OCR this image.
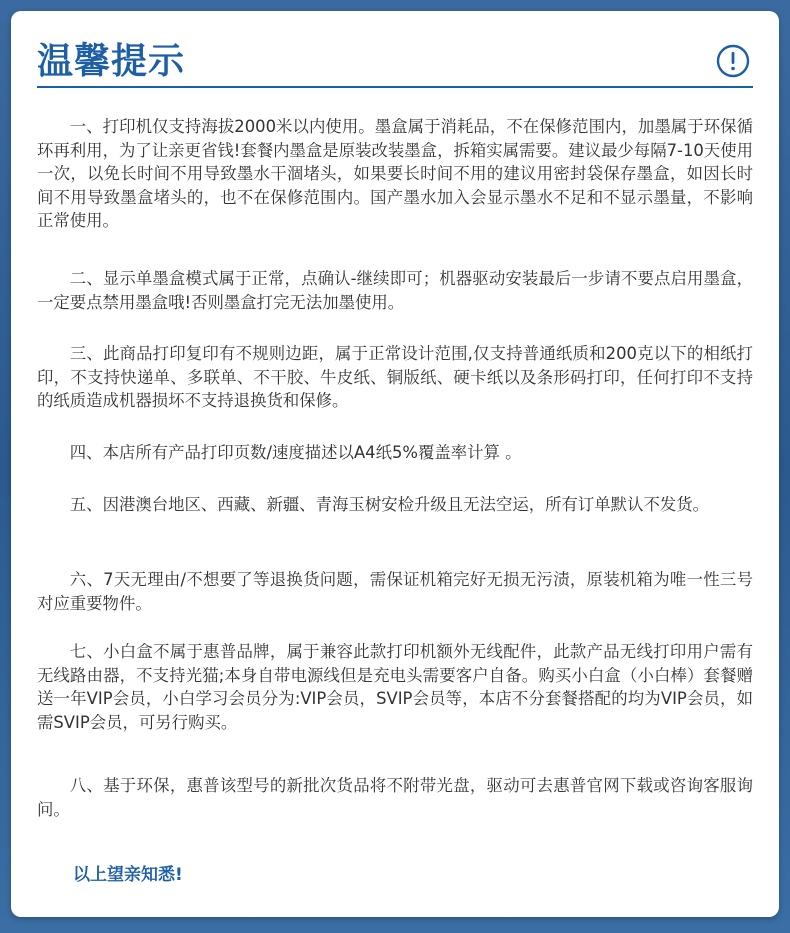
温馨提示

一、打印机仅支持海拔2000米以内使用。墨盒属于消耗品，不在保修范围内，加墨属于环保循环再利用，为了让亲更省钱!套餐内墨盒是原装改装墨盒，拆箱实属需要。建议最少每隔7-10天使用一次，以免长时间不用导致墨水干涸堵头，如果要长时间不用的建议用密封袋保存墨盒，如因长时间不用导致墨盒堵头的，也不在保修范围内。国产墨水加入会显示墨水不足和不显示墨量，不影响正常使用。

二、显示单墨盒模式属于正常，点确认-继续即可；机器驱动安装最后一步请不要点启用墨盒，一定要点禁用墨盒哦!否则墨盒打完无法加墨使用。

三、此商品打印复印有不规则边距，属于正常设计范围,仅支持普通纸质和200克以下的相纸打印，不支持快递单、多联单、不干胶、牛皮纸、铜版纸、硬卡纸以及条形码打印，任何打印不支持的纸质造成机器损坏不支持退换货和保修。

四、本店所有产品打印页数/速度描述以A4纸5%覆盖率计算 。

五、因港澳台地区、西藏、新疆、青海玉树安检升级且无法空运，所有订单默认不发货。

六、7天无理由/不想要了等退换货问题，需保证机箱完好无损无污渍，原装机箱为唯一性三号对应重要物件。

七、小白盒不属于惠普品牌，属于兼容此款打印机额外无线配件，此款产品无线打印用户需有无线路由器，不支持光猫;本身自带电源线但是充电头需要客户自备。购买小白盒（小白棒）套餐赠送一年VIP会员，小白学习会员分为:VIP会员，SVIP会员等，本店不分套餐搭配的均为VIP会员，如需SVIP会员，可另行购买。

八、基于环保，惠普该型号的新批次货品将不附带光盘，驱动可去惠普官网下载或咨询客服询问。

以上望亲知悉!
